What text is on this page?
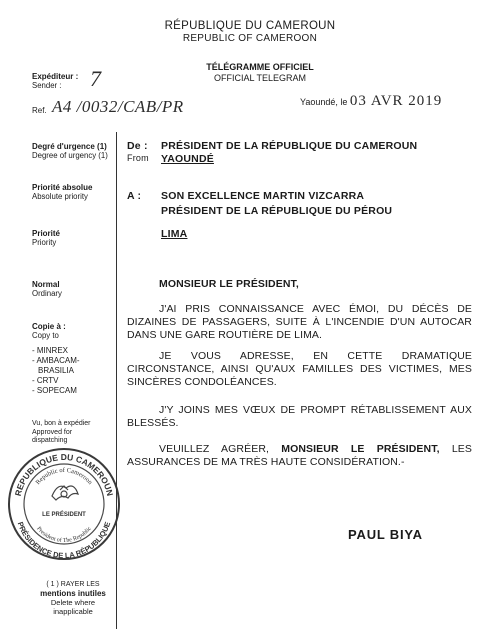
RÉPUBLIQUE DU CAMEROUN
REPUBLIC OF CAMEROON
TÉLÉGRAMME OFFICIEL
OFFICIAL TELEGRAM
Yaoundé, le 03 AVR 2019
Expéditeur :
Sender :	7
Ref. A4 /0032/CAB/PR
Degré d'urgence (1)
Degree of urgency (1)
Priorité absolue
Absolute priority
Priorité
Priority
Normal
Ordinary
Copie à :
Copy to
- MINREX
- AMBACAM-
BRASILIA
- CRTV
- SOPECAM
Vu, bon à expédier
Approved for
dispatching
REPUBLIQUE DU CAMEROUN
Republic of Cameroon
PRÉSIDENCE DE LA RÉPUBLIQUE
President of The Republic
LE PRÉSIDENT
( 1 ) RAYER LES
mentions inutiles
Delete where
inapplicable
De :	PRÉSIDENT DE LA RÉPUBLIQUE DU CAMEROUN
From	YAOUNDÉ
A :	SON EXCELLENCE MARTIN VIZCARRA
PRÉSIDENT DE LA RÉPUBLIQUE DU PÉROU
LIMA
MONSIEUR LE PRÉSIDENT,
J'AI PRIS CONNAISSANCE AVEC ÉMOI, DU DÉCÈS DE DIZAINES DE PASSAGERS, SUITE À L'INCENDIE D'UN AUTOCAR DANS UNE GARE ROUTIÈRE DE LIMA.
JE VOUS ADRESSE, EN CETTE DRAMATIQUE CIRCONSTANCE, AINSI QU'AUX FAMILLES DES VICTIMES, MES SINCÈRES CONDOLÉANCES.
J'Y JOINS MES VŒUX DE PROMPT RÉTABLISSEMENT AUX BLESSÉS.
VEUILLEZ AGRÉER, MONSIEUR LE PRÉSIDENT, LES ASSURANCES DE MA TRÈS HAUTE CONSIDÉRATION.-
PAUL BIYA
